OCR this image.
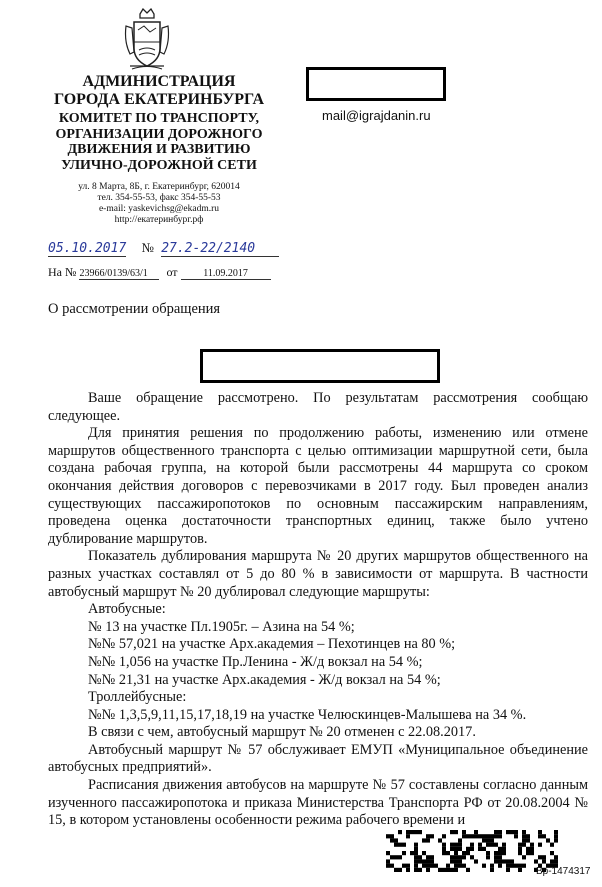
АДМИНИСТРАЦИЯ
ГОРОДА ЕКАТЕРИНБУРГА
КОМИТЕТ ПО ТРАНСПОРТУ,
ОРГАНИЗАЦИИ ДОРОЖНОГО
ДВИЖЕНИЯ И РАЗВИТИЮ
УЛИЧНО-ДОРОЖНОЙ СЕТИ
ул. 8 Марта, 8Б, г. Екатеринбург, 620014
тел. 354-55-53, факс 354-55-53
e-mail: yaskevichsg@ekadm.ru
http://екатеринбург.рф
mail@igrajdanin.ru
05.10.2017 № 27.2-22/2140
На № 23966/0139/63/1 от	11.09.2017
О рассмотрении обращения

Ваше обращение рассмотрено. По результатам рассмотрения сообщаю следующее.

Для принятия решения по продолжению работы, изменению или отмене маршрутов общественного транспорта с целью оптимизации маршрутной сети, была создана рабочая группа, на которой были рассмотрены 44 маршрута со сроком окончания действия договоров с перевозчиками в 2017 году. Был проведен анализ существующих пассажиропотоков по основным пассажирским направлениям, проведена оценка достаточности транспортных единиц, также было учтено дублирование маршрутов.

Показатель дублирования маршрута № 20 других маршрутов общественного на разных участках составлял от 5 до 80 % в зависимости от маршрута. В частности автобусный маршрут № 20 дублировал следующие маршруты:

Автобусные:

№ 13 на участке Пл.1905г. – Азина на 54 %;

№№ 57,021 на участке Арх.академия – Пехотинцев на 80 %;

№№ 1,056 на участке Пр.Ленина - Ж/д вокзал на 54 %;

№№ 21,31 на участке Арх.академия - Ж/д вокзал на 54 %;

Троллейбусные:

№№ 1,3,5,9,11,15,17,18,19 на участке Челюскинцев-Малышева на 34 %.

В связи с чем, автобусный маршрут № 20 отменен с 22.08.2017.

Автобусный маршрут № 57 обслуживает ЕМУП «Муниципальное объединение автобусных предприятий».

Расписания движения автобусов на маршруте № 57 составлены согласно данным изученного пассажиропотока и приказа Министерства Транспорта РФ от 20.08.2004 № 15, в котором установлены особенности режима рабочего времени и

Вр-1474317
